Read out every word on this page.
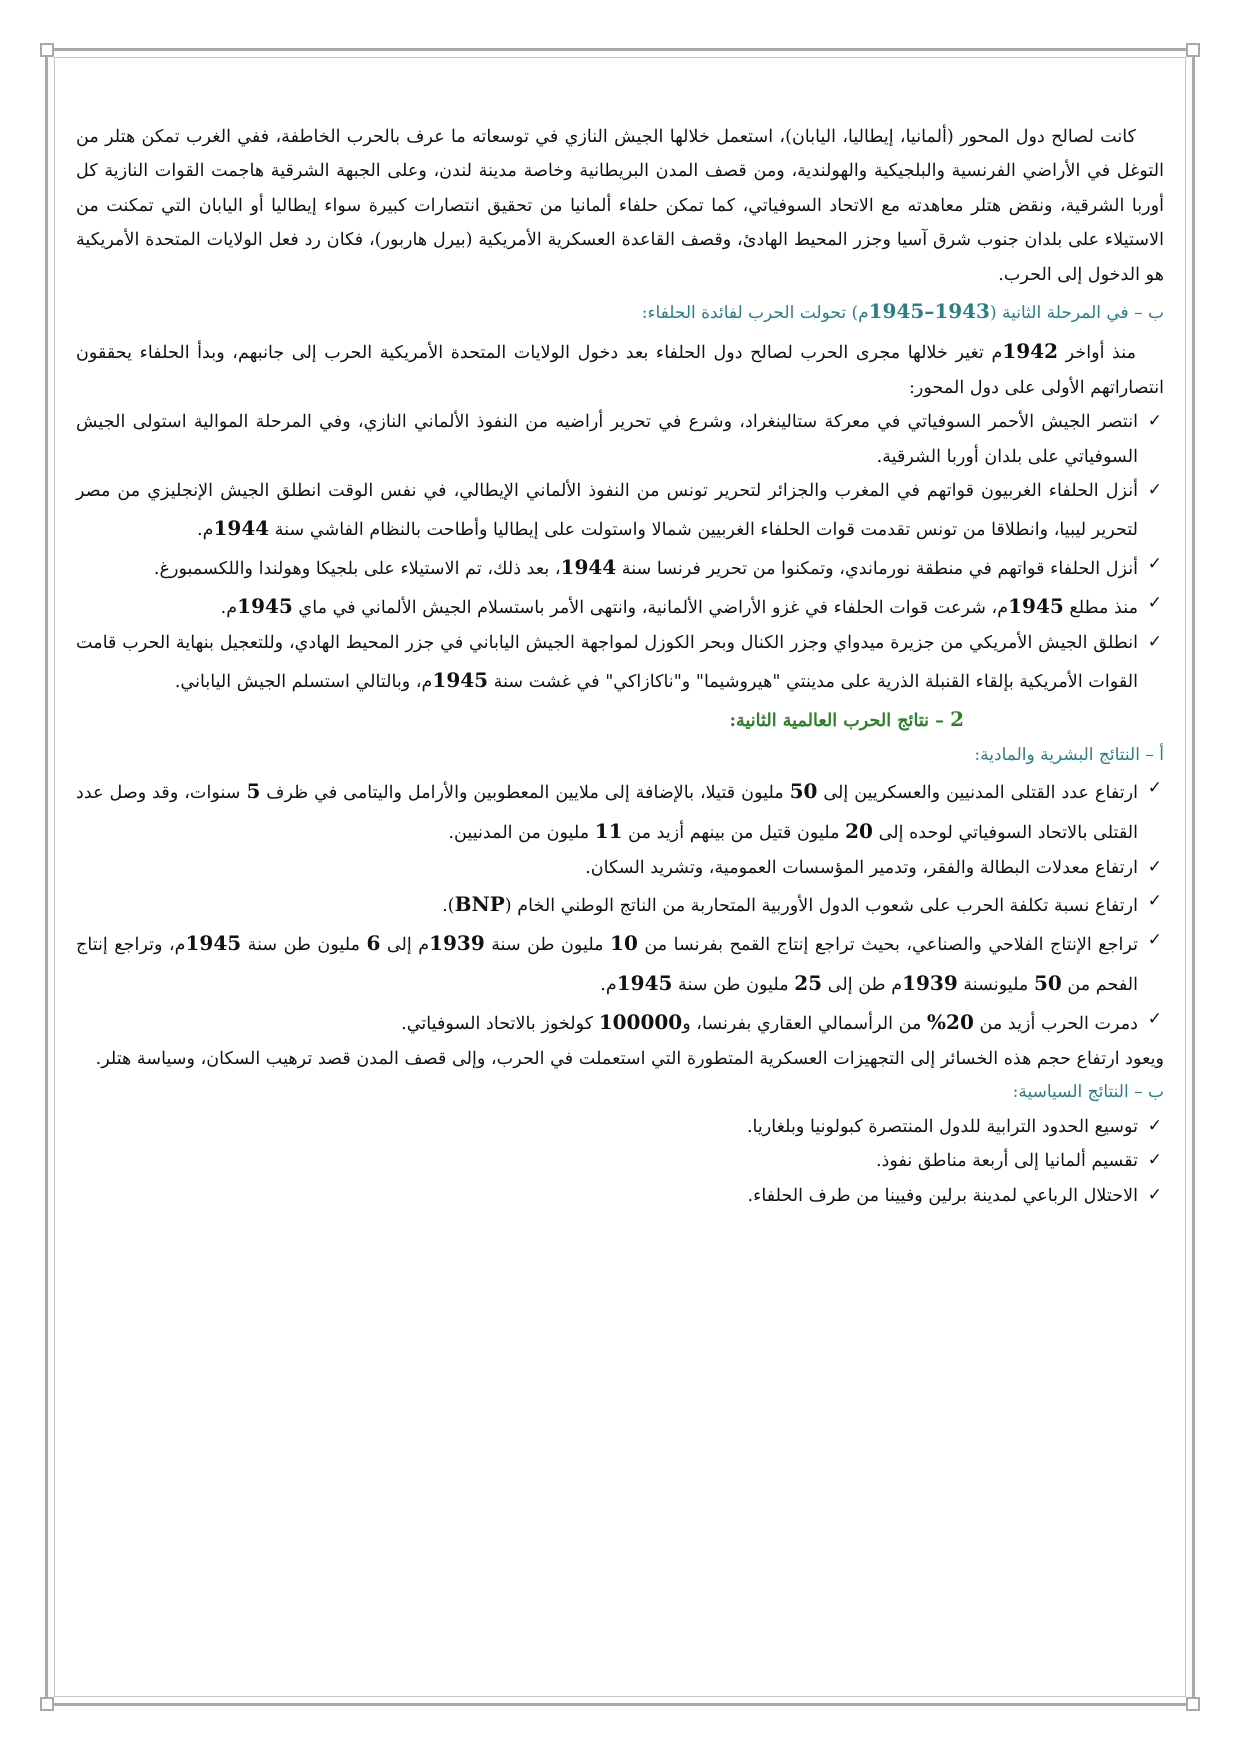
كانت لصالح دول المحور (ألمانيا، إيطاليا، اليابان)، استعمل خلالها الجيش النازي في توسعاته ما عرف بالحرب الخاطفة، ففي الغرب تمكن هتلر من التوغل في الأراضي الفرنسية والبلجيكية والهولندية، ومن قصف المدن البريطانية وخاصة مدينة لندن، وعلى الجبهة الشرقية هاجمت القوات النازية كل أوربا الشرقية، ونقض هتلر معاهدته مع الاتحاد السوفياتي، كما تمكن حلفاء ألمانيا من تحقيق انتصارات كبيرة سواء إيطاليا أو اليابان التي تمكنت من الاستيلاء على بلدان جنوب شرق آسيا وجزر المحيط الهادئ، وقصف القاعدة العسكرية الأمريكية (بيرل هاربور)، فكان رد فعل الولايات المتحدة الأمريكية هو الدخول إلى الحرب.

ب – في المرحلة الثانية (1943–1945م) تحولت الحرب لفائدة الحلفاء:

منذ أواخر 1942م تغير خلالها مجرى الحرب لصالح دول الحلفاء بعد دخول الولايات المتحدة الأمريكية الحرب إلى جانبهم، وبدأ الحلفاء يحققون انتصاراتهم الأولى على دول المحور:

✓
انتصر الجيش الأحمر السوفياتي في معركة ستالينغراد، وشرع في تحرير أراضيه من النفوذ الألماني النازي، وفي المرحلة الموالية استولى الجيش السوفياتي على بلدان أوربا الشرقية.
✓
أنزل الحلفاء الغربيون قواتهم في المغرب والجزائر لتحرير تونس من النفوذ الألماني الإيطالي، في نفس الوقت انطلق الجيش الإنجليزي من مصر لتحرير ليبيا، وانطلاقا من تونس تقدمت قوات الحلفاء الغربيين شمالا واستولت على إيطاليا وأطاحت بالنظام الفاشي سنة 1944م.
✓
أنزل الحلفاء قواتهم في منطقة نورماندي، وتمكنوا من تحرير فرنسا سنة 1944، بعد ذلك، تم الاستيلاء على بلجيكا وهولندا واللكسمبورغ.
✓
منذ مطلع 1945م، شرعت قوات الحلفاء في غزو الأراضي الألمانية، وانتهى الأمر باستسلام الجيش الألماني في ماي 1945م.
✓
انطلق الجيش الأمريكي من جزيرة ميدواي وجزر الكنال وبحر الكوزل لمواجهة الجيش الياباني في جزر المحيط الهادي، وللتعجيل بنهاية الحرب قامت القوات الأمريكية بإلقاء القنبلة الذرية على مدينتي "هيروشيما" و"ناكازاكي" في غشت سنة 1945م، وبالتالي استسلم الجيش الياباني.

2 – نتائج الحرب العالمية الثانية:

أ – النتائج البشرية والمادية:

✓
ارتفاع عدد القتلى المدنيين والعسكريين إلى 50 مليون قتيلا، بالإضافة إلى ملايين المعطوبين والأرامل واليتامى في ظرف 5 سنوات، وقد وصل عدد القتلى بالاتحاد السوفياتي لوحده إلى 20 مليون قتيل من بينهم أزيد من 11 مليون من المدنيين.
✓
ارتفاع معدلات البطالة والفقر، وتدمير المؤسسات العمومية، وتشريد السكان.
✓
ارتفاع نسبة تكلفة الحرب على شعوب الدول الأوربية المتحاربة من الناتج الوطني الخام (BNP).
✓
تراجع الإنتاج الفلاحي والصناعي، بحيث تراجع إنتاج القمح بفرنسا من 10 مليون طن سنة 1939م إلى 6 مليون طن سنة 1945م، وتراجع إنتاج الفحم من 50 مليونسنة 1939م طن إلى 25 مليون طن سنة 1945م.
✓
دمرت الحرب أزيد من 20% من الرأسمالي العقاري بفرنسا، و100000 كولخوز بالاتحاد السوفياتي.

ويعود ارتفاع حجم هذه الخسائر إلى التجهيزات العسكرية المتطورة التي استعملت في الحرب، وإلى قصف المدن قصد ترهيب السكان، وسياسة هتلر.

ب – النتائج السياسية:

✓
توسيع الحدود الترابية للدول المنتصرة كبولونيا وبلغاريا.
✓
تقسيم ألمانيا إلى أربعة مناطق نفوذ.
✓
الاحتلال الرباعي لمدينة برلين وفيينا من طرف الحلفاء.
